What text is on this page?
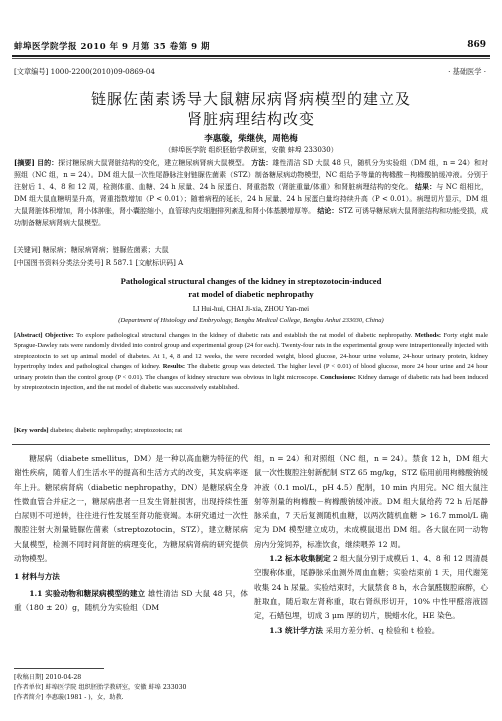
蚌埠医学院学报 2010 年 9 月第 35 卷第 9 期	869
[文章编号] 1000-2200(2010)09-0869-04	· 基础医学 ·
链脲佐菌素诱导大鼠糖尿病肾病模型的建立及
肾脏病理结构改变
李惠璇，柴继侠，周艳梅
（蚌埠医学院 组织胚胎学教研室，安徽 蚌埠 233030）
[摘要] 目的：探讨糖尿病大鼠肾脏结构的变化，建立糖尿病肾病大鼠模型。 方法：雄性清洁 SD 大鼠 48 只，随机分为实验组（DM 组，n = 24）和对照组（NC 组，n = 24）。DM 组大鼠一次性尾静脉注射链脲佐菌素（STZ）制备糖尿病动物模型，NC 组给予等量的枸橼酸－枸橼酸钠缓冲液。分别于注射后 1、4、8 和 12 周，检测体重、血糖、24 h 尿量、24 h 尿蛋白、肾重指数（肾脏重量/体重）和肾脏病理结构的变化。 结果：与 NC 组相比，DM 组大鼠血糖明显升高，肾重指数增加（P < 0.01）；随着病程的延长，24 h 尿量、24 h 尿蛋白量均持续升高（P < 0.01）。病理切片显示，DM 组大鼠肾脏体积增加，肾小体肿胀，肾小囊腔缩小，血管球内皮细胞排列紊乱和肾小体基膜增厚等。 结论：STZ 可诱导糖尿病大鼠肾脏结构和功能受损，成功制备糖尿病肾病大鼠模型。
[关键词] 糖尿病；糖尿病肾病；链脲佐菌素；大鼠
[中国图书资料分类法分类号] R 587.1 [文献标识码] A
Pathological structural changes of the kidney in streptozotocin-induced
rat model of diabetic nephropathy
LI Hui-hui, CHAI Ji-xia, ZHOU Yan-mei
(Department of Histology and Embryology, Bengbu Medical College, Bengbu Anhui 233030, China)
[Abstract] Objective: To explore pathological structural changes in the kidney of diabetic rats and establish the rat model of diabetic nephropathy. Methods: Forty eight male Sprague-Dawley rats were randomly divided into control group and experimental group (24 for each). Twenty-four rats in the experimental group were intraperitoneally injected with streptozotocin to set up animal model of diabetes. At 1, 4, 8 and 12 weeks, the were recorded weight, blood glucose, 24-hour urine volume, 24-hour urinary protein, kidney hypertrophy index and pathological changes of kidney. Results: The diabetic group was detected. The higher level (P < 0.01) of blood glucose, more 24 hour urine and 24 hour urinary protein than the control group (P < 0.01). The changes of kidney structure was obvious in light microscope. Conclusions: Kidney damage of diabetic rats had been induced by streptozotocin injection, and the rat model of diabetic was successively established.
[Key words] diabetes; diabetic nephropathy; streptozotocin; rat

糖尿病（diabete smellitus，DM）是一种以高血糖为特征的代谢性疾病，随着人们生活水平的提高和生活方式的改变，其发病率逐年上升。糖尿病肾病（diabetic nephropathy，DN）是糖尿病全身性微血管合并症之一，糖尿病患者一旦发生肾脏损害，出现持续性蛋白尿则不可逆转，往往进行性发展至肾功能衰竭。本研究通过一次性腹腔注射大剂量链脲佐菌素（streptozotocin，STZ），建立糖尿病大鼠模型，检测不同时间肾脏的病理变化，为糖尿病肾病的研究提供动物模型。

1 材料与方法

1.1 实验动物和糖尿病模型的建立 雄性清洁 SD 大鼠 48 只，体重（180 ± 20）g，随机分为实验组（DM

组，n = 24）和对照组（NC 组，n = 24）。禁食 12 h，DM 组大鼠一次性腹腔注射新配制 STZ 65 mg/kg，STZ 临用前用枸橼酸钠缓冲液（0.1 mol/L，pH 4.5）配制，10 min 内用完。NC 组大鼠注射等剂量的枸橼酸－枸橼酸钠缓冲液。DM 组大鼠给药 72 h 后尾静脉采血，7 天后复测随机血糖，以两次随机血糖 > 16.7 mmol/L 确定为 DM 模型建立成功，未成模鼠退出 DM 组。各大鼠在同一动物房内分笼饲养，标准饮食，继续喂养 12 周。

1.2 标本收集制定 2 组大鼠分别于成模后 1、4、8 和 12 周清晨空腹称体重，尾静脉采血测外周血血糖；实验结束前 1 天，用代谢笼收集 24 h 尿量。实验结束时，大鼠禁食 8 h，水合氯醛腹腔麻醉，心脏取血，随后取左肾称重，取右肾纵形切开，10% 中性甲醛溶液固定，石蜡包埋，切成 3 μm 厚的切片，脱蜡水化，HE 染色。

1.3 统计学方法 采用方差分析、q 检验和 t 检验。

[收稿日期] 2010-04-28
[作者单位] 蚌埠医学院 组织胚胎学教研室，安徽 蚌埠 233030
[作者简介] 李惠璇(1981 - )，女，助教.
